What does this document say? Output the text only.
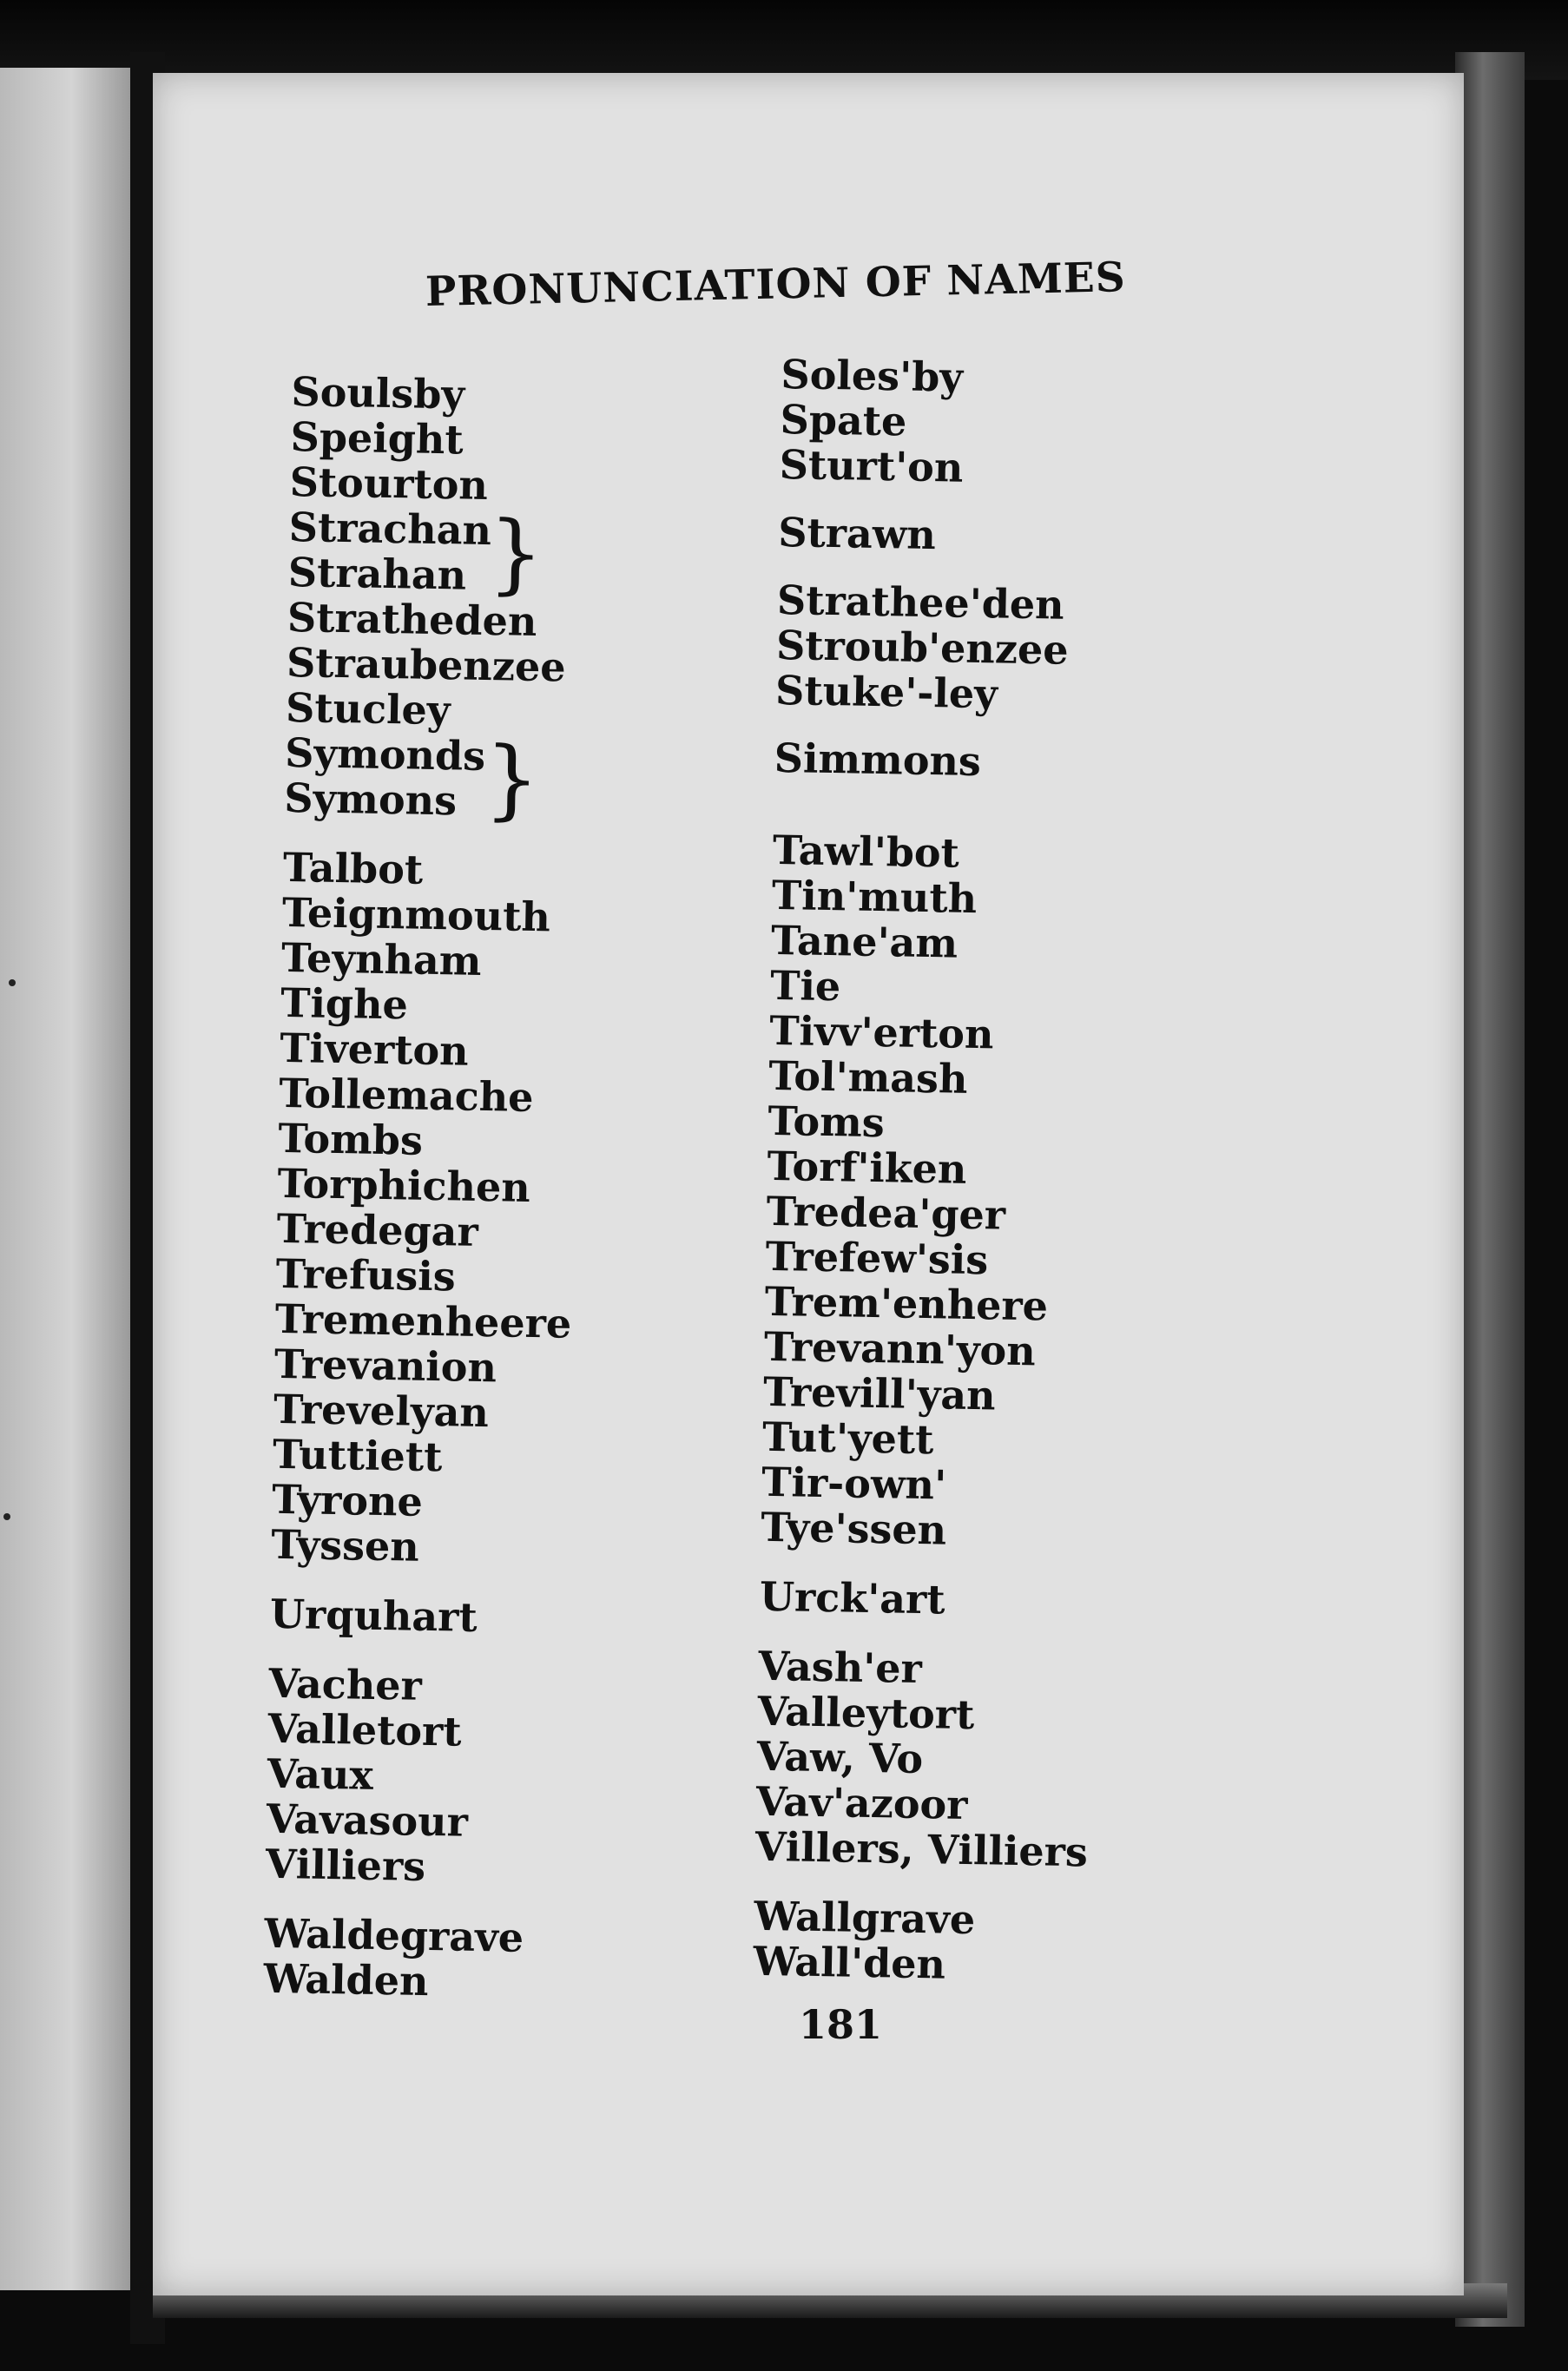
PRONUNCIATION OF NAMES
Soulsby
Speight
Stourton
Strachan
Strahan }
Stratheden
Straubenzee
Stucley
Symonds
Symons }
Talbot
Teignmouth
Teynham
Tighe
Tiverton
Tollemache
Tombs
Torphichen
Tredegar
Trefusis
Tremenheere
Trevanion
Trevelyan
Tuttiett
Tyrone
Tyssen
Urquhart
Vacher
Valletort
Vaux
Vavasour
Villiers
Waldegrave
Walden
Soles'by
Spate
Sturt'on
Strawn
Strathee'den
Stroub'enzee
Stuke'-ley
Simmons
Tawl'bot
Tin'muth
Tane'am
Tie
Tivv'erton
Tol'mash
Toms
Torf'iken
Tredea'ger
Trefew'sis
Trem'enhere
Trevann'yon
Trevill'yan
Tut'yett
Tir-own'
Tye'ssen
Urck'art
Vash'er
Valleytort
Vaw, Vo
Vav'azoor
Villers, Villiers
Wallgrave
Wall'den
181
